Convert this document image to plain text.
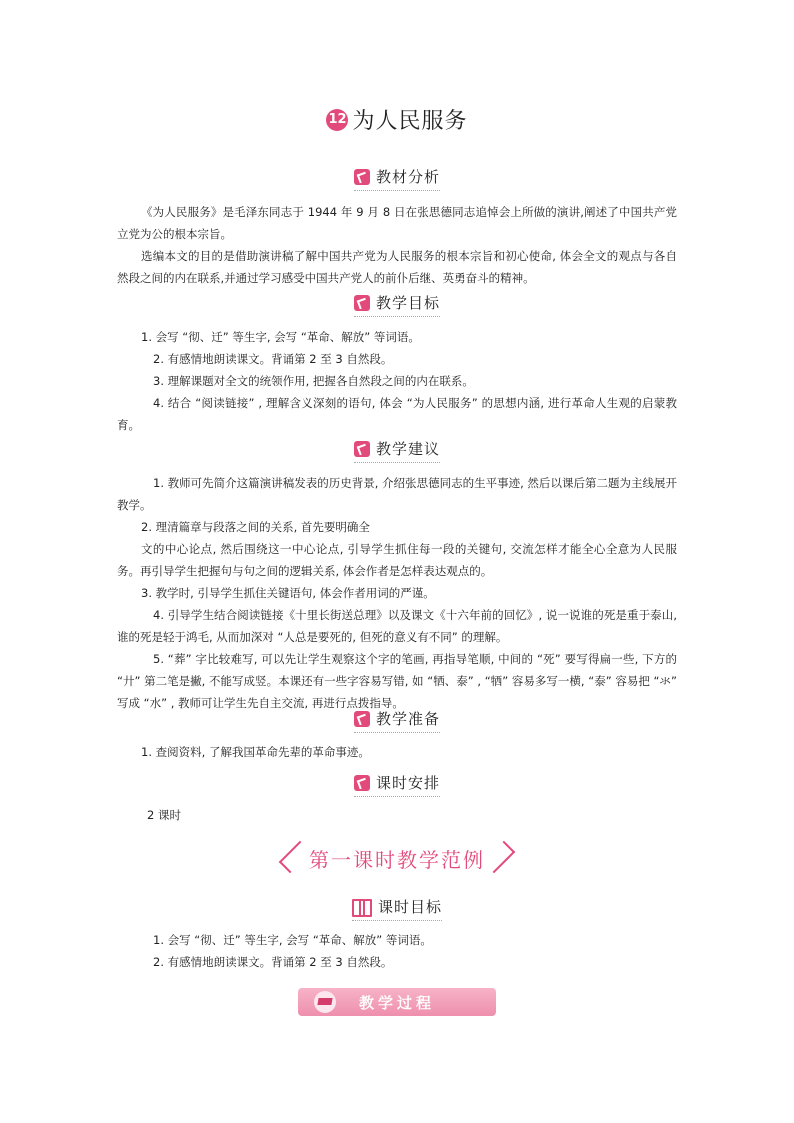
12 为人民服务
教材分析

《为人民服务》是毛泽东同志于 1944 年 9 月 8 日在张思德同志追悼会上所做的演讲,阐述了中国共产党立党为公的根本宗旨。

选编本文的目的是借助演讲稿了解中国共产党为人民服务的根本宗旨和初心使命, 体会全文的观点与各自然段之间的内在联系,并通过学习感受中国共产党人的前仆后继、英勇奋斗的精神。

教学目标

1. 会写 “彻、迁” 等生字, 会写 “革命、解放” 等词语。

2. 有感情地朗读课文。背诵第 2 至 3 自然段。

3. 理解课题对全文的统领作用, 把握各自然段之间的内在联系。

4. 结合 “阅读链接” , 理解含义深刻的语句, 体会 “为人民服务” 的思想内涵, 进行革命人生观的启蒙教育。

教学建议

1. 教师可先简介这篇演讲稿发表的历史背景, 介绍张思德同志的生平事迹, 然后以课后第二题为主线展开教学。

2. 理清篇章与段落之间的关系, 首先要明确全

文的中心论点, 然后围绕这一中心论点, 引导学生抓住每一段的关键句, 交流怎样才能全心全意为人民服务。再引导学生把握句与句之间的逻辑关系, 体会作者是怎样表达观点的。

3. 教学时, 引导学生抓住关键语句, 体会作者用词的严谨。

4. 引导学生结合阅读链接《十里长街送总理》以及课文《十六年前的回忆》, 说一说谁的死是重于泰山, 谁的死是轻于鸿毛, 从而加深对 “人总是要死的, 但死的意义有不同” 的理解。

5. “葬” 字比较难写, 可以先让学生观察这个字的笔画, 再指导笔顺, 中间的 “死” 要写得扁一些, 下方的 “廾” 第二笔是撇, 不能写成竖。本课还有一些字容易写错, 如 “牺、泰” , “牺” 容易多写一横, “泰” 容易把 “氺” 写成 “水” , 教师可让学生先自主交流, 再进行点拨指导。

教学准备

1. 查阅资料, 了解我国革命先辈的革命事迹。

课时安排

2 课时

第一课时教学范例
课时目标

1. 会写 “彻、迁” 等生字, 会写 “革命、解放” 等词语。

2. 有感情地朗读课文。背诵第 2 至 3 自然段。

教学过程
